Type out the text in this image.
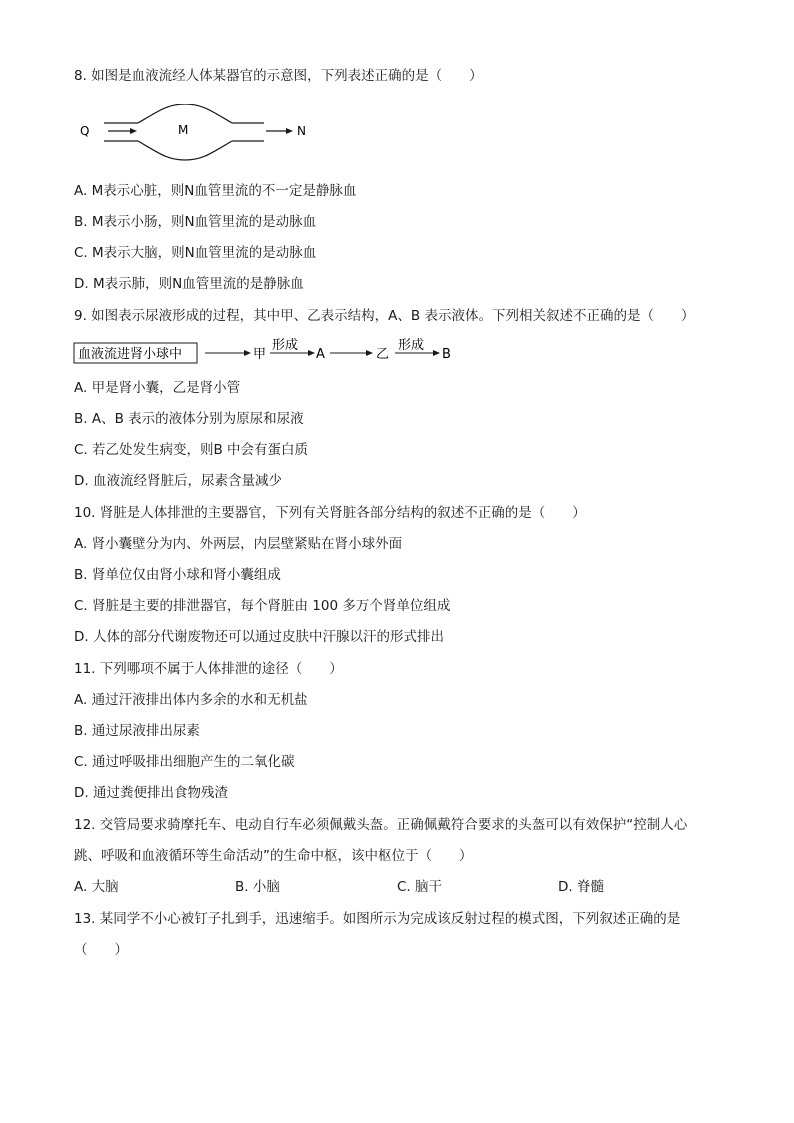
8. 如图是血液流经人体某器官的示意图，下列表述正确的是（　　）
Q	M	N
A. M表示心脏，则N血管里流的不一定是静脉血
B. M表示小肠，则N血管里流的是动脉血
C. M表示大脑，则N血管里流的是动脉血
D. M表示肺，则N血管里流的是静脉血
9. 如图表示尿液形成的过程，其中甲、乙表示结构，A、B 表示液体。下列相关叙述不正确的是（　　）
血液流进肾小球中	甲
形成
A	乙
形成
B
A. 甲是肾小囊，乙是肾小管
B. A、B 表示的液体分别为原尿和尿液
C. 若乙处发生病变，则B 中会有蛋白质
D. 血液流经肾脏后，尿素含量减少
10. 肾脏是人体排泄的主要器官，下列有关肾脏各部分结构的叙述不正确的是（　　）
A. 肾小囊壁分为内、外两层，内层壁紧贴在肾小球外面
B. 肾单位仅由肾小球和肾小囊组成
C. 肾脏是主要的排泄器官，每个肾脏由 100 多万个肾单位组成
D. 人体的部分代谢废物还可以通过皮肤中汗腺以汗的形式排出
11. 下列哪项不属于人体排泄的途径（　　）
A. 通过汗液排出体内多余的水和无机盐
B. 通过尿液排出尿素
C. 通过呼吸排出细胞产生的二氧化碳
D. 通过粪便排出食物残渣
12. 交管局要求骑摩托车、电动自行车必须佩戴头盔。正确佩戴符合要求的头盔可以有效保护“控制人心
跳、呼吸和血液循环等生命活动”的生命中枢，该中枢位于（　　）
A. 大脑	B. 小脑	C. 脑干	D. 脊髓
13. 某同学不小心被钉子扎到手，迅速缩手。如图所示为完成该反射过程的模式图，下列叙述正确的是
（　　）
